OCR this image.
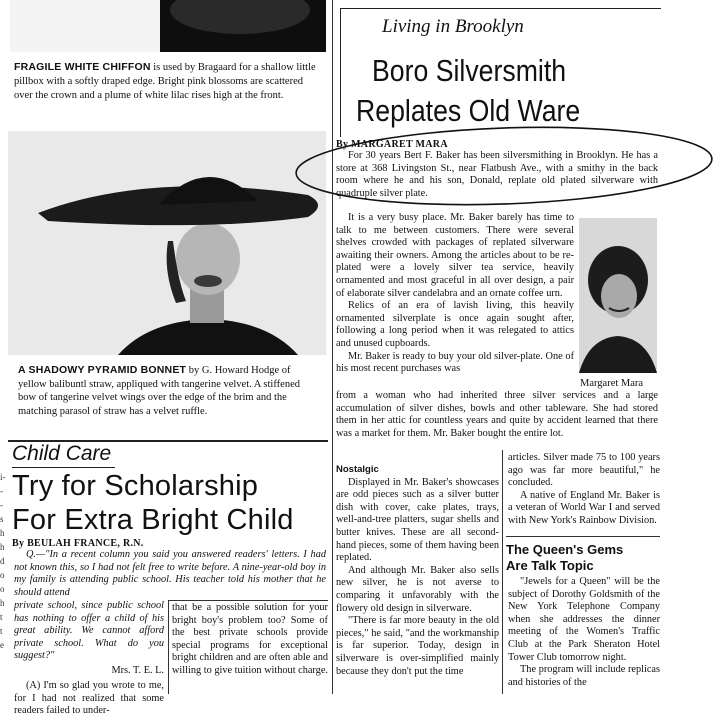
FRAGILE WHITE CHIFFON is used by Bragaard for a shallow little pillbox with a softly draped edge. Bright pink blossoms are scattered over the crown and a plume of white lilac rises high at the front.
A SHADOWY PYRAMID BONNET by G. Howard Hodge of yellow balibuntl straw, appliqued with tangerine velvet. A stiffened bow of tangerine velvet wings over the edge of the brim and the matching parasol of straw has a velvet ruffle.
Child Care
Try for Scholarship
For Extra Bright Child
By BEULAH FRANCE, R.N.

Q.—"In a recent column you said you answered readers' letters. I had not known this, so I had not felt free to write before. A nine-year-old boy in my family is attending public school. His teacher told his mother that he should attend

private school, since public school has nothing to offer a child of his great ability. We cannot afford private school. What do you suggest?"

Mrs. T. E. L.

(A) I'm so glad you wrote to me, for I had not realized that some readers failed to under-

that be a possible solution for your bright boy's problem too? Some of the best private schools provide special programs for exceptional bright children and are often able and willing to give tuition without charge.

i-
-
-
s
h
h
d
o
o
h
t
t
e
Living in Brooklyn
Boro Silversmith
Replates Old Ware
By MARGARET MARA

For 30 years Bert F. Baker has been silversmithing in Brooklyn. He has a store at 368 Livingston St., near Flatbush Ave., with a smithy in the back room where he and his son, Donald, replate old plated silverware with quadruple silver plate.

It is a very busy place. Mr. Baker barely has time to talk to me between customers. There were several shelves crowded with packages of replated silverware awaiting their owners. Among the articles about to be re-plated were a lovely silver tea service, heavily ornamented and most graceful in all over design, a pair of elaborate silver candelabra and an ornate coffee urn.

Relics of an era of lavish living, this heavily ornamented silverplate is once again sought after, following a long period when it was relegated to attics and unused cupboards.

Mr. Baker is ready to buy your old silver-plate. One of his most recent purchases was

Margaret Mara

from a woman who had inherited three silver services and a large accumulation of silver dishes, bowls and other tableware. She had stored them in her attic for countless years and quite by accident learned that there was a market for them. Mr. Baker bought the entire lot.

Nostalgic

Displayed in Mr. Baker's showcases are odd pieces such as a silver butter dish with cover, cake plates, trays, well-and-tree platters, sugar shells and butter knives. These are all second-hand pieces, some of them having been replated.

And although Mr. Baker also sells new silver, he is not averse to comparing it unfavorably with the flowery old design in silverware.

"There is far more beauty in the old pieces," he said, "and the workmanship is far superior. Today, design in silverware is over-simplified mainly because they don't put the time

articles. Silver made 75 to 100 years ago was far more beautiful," he concluded.

A native of England Mr. Baker is a veteran of World War I and served with New York's Rainbow Division.

The Queen's Gems
Are Talk Topic

"Jewels for a Queen" will be the subject of Dorothy Goldsmith of the New York Telephone Company when she addresses the dinner meeting of the Women's Traffic Club at the Park Sheraton Hotel Tower Club tomorrow night.

The program will include replicas and histories of the
